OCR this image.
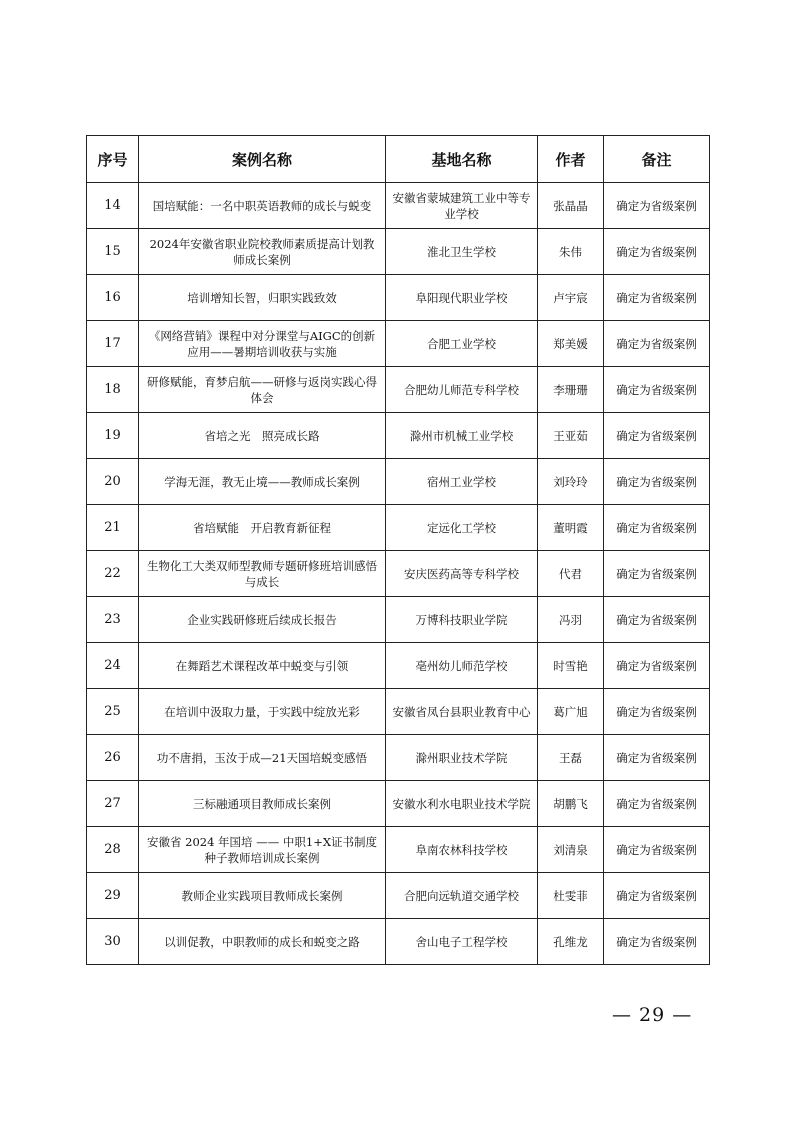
序号	案例名称	基地名称	作者	备注
14	国培赋能：一名中职英语教师的成长与蜕变	安徽省蒙城建筑工业中等专业学校	张晶晶	确定为省级案例
15	2024年安徽省职业院校教师素质提高计划教师成长案例	淮北卫生学校	朱伟	确定为省级案例
16	培训增知长智，归职实践致效	阜阳现代职业学校	卢宇宸	确定为省级案例
17	《网络营销》课程中对分课堂与AIGC的创新应用——暑期培训收获与实施	合肥工业学校	郑美媛	确定为省级案例
18	研修赋能，育梦启航——研修与返岗实践心得体会	合肥幼儿师范专科学校	李珊珊	确定为省级案例
19	省培之光　照亮成长路	滁州市机械工业学校	王亚茹	确定为省级案例
20	学海无涯，教无止境——教师成长案例	宿州工业学校	刘玲玲	确定为省级案例
21	省培赋能　开启教育新征程	定远化工学校	董明霞	确定为省级案例
22	生物化工大类双师型教师专题研修班培训感悟与成长	安庆医药高等专科学校	代君	确定为省级案例
23	企业实践研修班后续成长报告	万博科技职业学院	冯羽	确定为省级案例
24	在舞蹈艺术课程改革中蜕变与引领	亳州幼儿师范学校	时雪艳	确定为省级案例
25	在培训中汲取力量，于实践中绽放光彩	安徽省凤台县职业教育中心	葛广旭	确定为省级案例
26	功不唐捐，玉汝于成—21天国培蜕变感悟	滁州职业技术学院	王磊	确定为省级案例
27	三标融通项目教师成长案例	安徽水利水电职业技术学院	胡鹏飞	确定为省级案例
28	安徽省 2024 年国培 —— 中职1+X证书制度种子教师培训成长案例	阜南农林科技学校	刘清泉	确定为省级案例
29	教师企业实践项目教师成长案例	合肥向远轨道交通学校	杜雯菲	确定为省级案例
30	以训促教，中职教师的成长和蜕变之路	舍山电子工程学校	孔维龙	确定为省级案例
— 29 —
